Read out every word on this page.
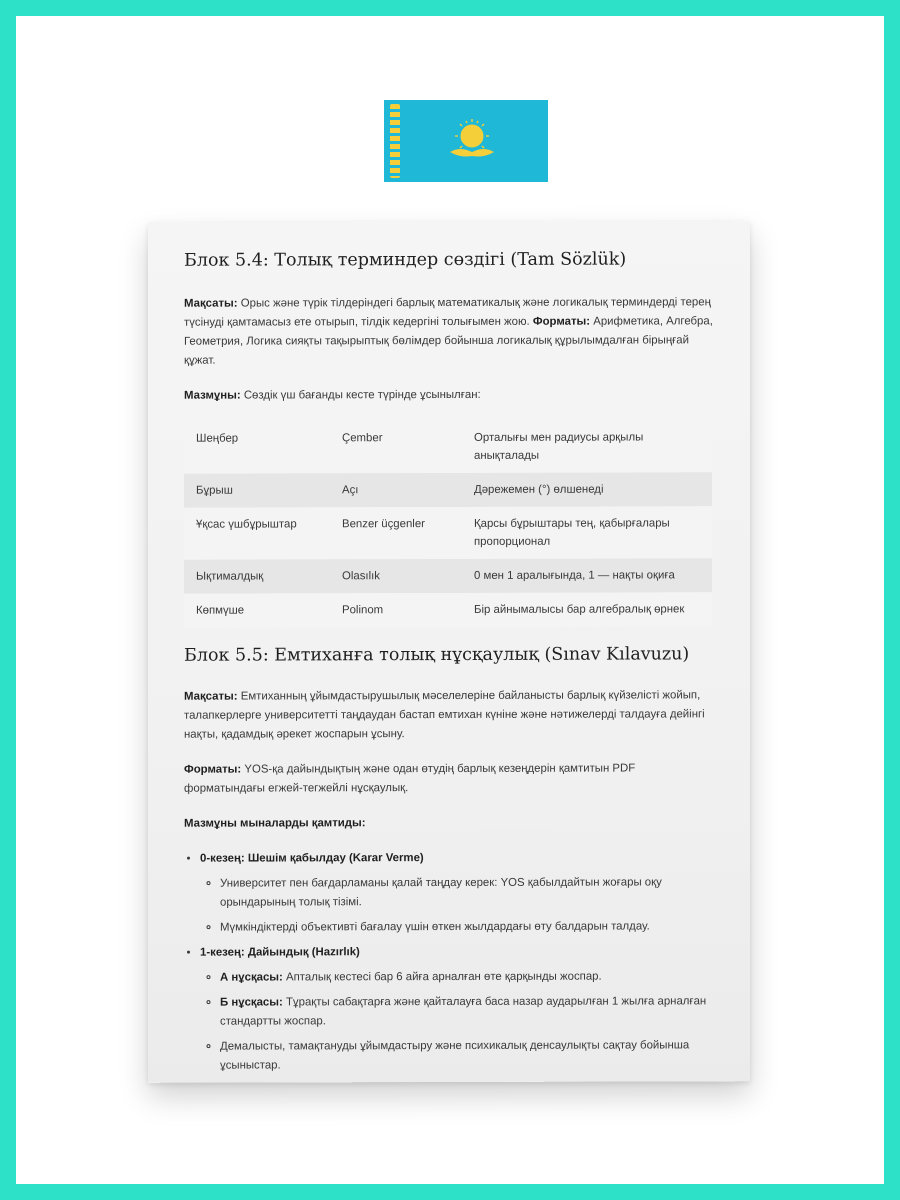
Блок 5.4: Толық терминдер сөздігі (Tam Sözlük)

Мақсаты: Орыс және түрік тілдеріндегі барлық математикалық және логикалық терминдерді терең түсінуді қамтамасыз ете отырып, тілдік кедергіні толығымен жою. Форматы: Арифметика, Алгебра, Геометрия, Логика сияқты тақырыптық бөлімдер бойынша логикалық құрылымдалған бірыңғай құжат.

Мазмұны: Сөздік үш бағанды кесте түрінде ұсынылған:

Шеңбер	Çember	Орталығы мен радиусы арқылы анықталады
Бұрыш	Açı	Дәрежемен (°) өлшенеді
Ұқсас үшбұрыштар	Benzer üçgenler	Қарсы бұрыштары тең, қабырғалары пропорционал
Ықтималдық	Olasılık	0 мен 1 аралығында, 1 — нақты оқиға
Көпмүше	Polinom	Бір айнымалысы бар алгебралық өрнек
Блок 5.5: Емтиханға толық нұсқаулық (Sınav Kılavuzu)

Мақсаты: Емтиханның ұйымдастырушылық мәселелеріне байланысты барлық күйзелісті жойып, талапкерлерге университетті таңдаудан бастап емтихан күніне және нәтижелерді талдауға дейінгі нақты, қадамдық әрекет жоспарын ұсыну.

Форматы: YOS-қа дайындықтың және одан өтудің барлық кезеңдерін қамтитын PDF форматындағы егжей-тегжейлі нұсқаулық.

Мазмұны мыналарды қамтиды:

• 0-кезең: Шешім қабылдау (Karar Verme)
◦ Университет пен бағдарламаны қалай таңдау керек: YOS қабылдайтын жоғары оқу орындарының толық тізімі.
◦ Мүмкіндіктерді объективті бағалау үшін өткен жылдардағы өту балдарын талдау.
• 1-кезең: Дайындық (Hazırlık)
◦ А нұсқасы: Апталық кестесі бар 6 айға арналған өте қарқынды жоспар.
◦ Б нұсқасы: Тұрақты сабақтарға және қайталауға баса назар аударылған 1 жылға арналған стандартты жоспар.
◦ Демалысты, тамақтануды ұйымдастыру және психикалық денсаулықты сақтау бойынша ұсыныстар.
